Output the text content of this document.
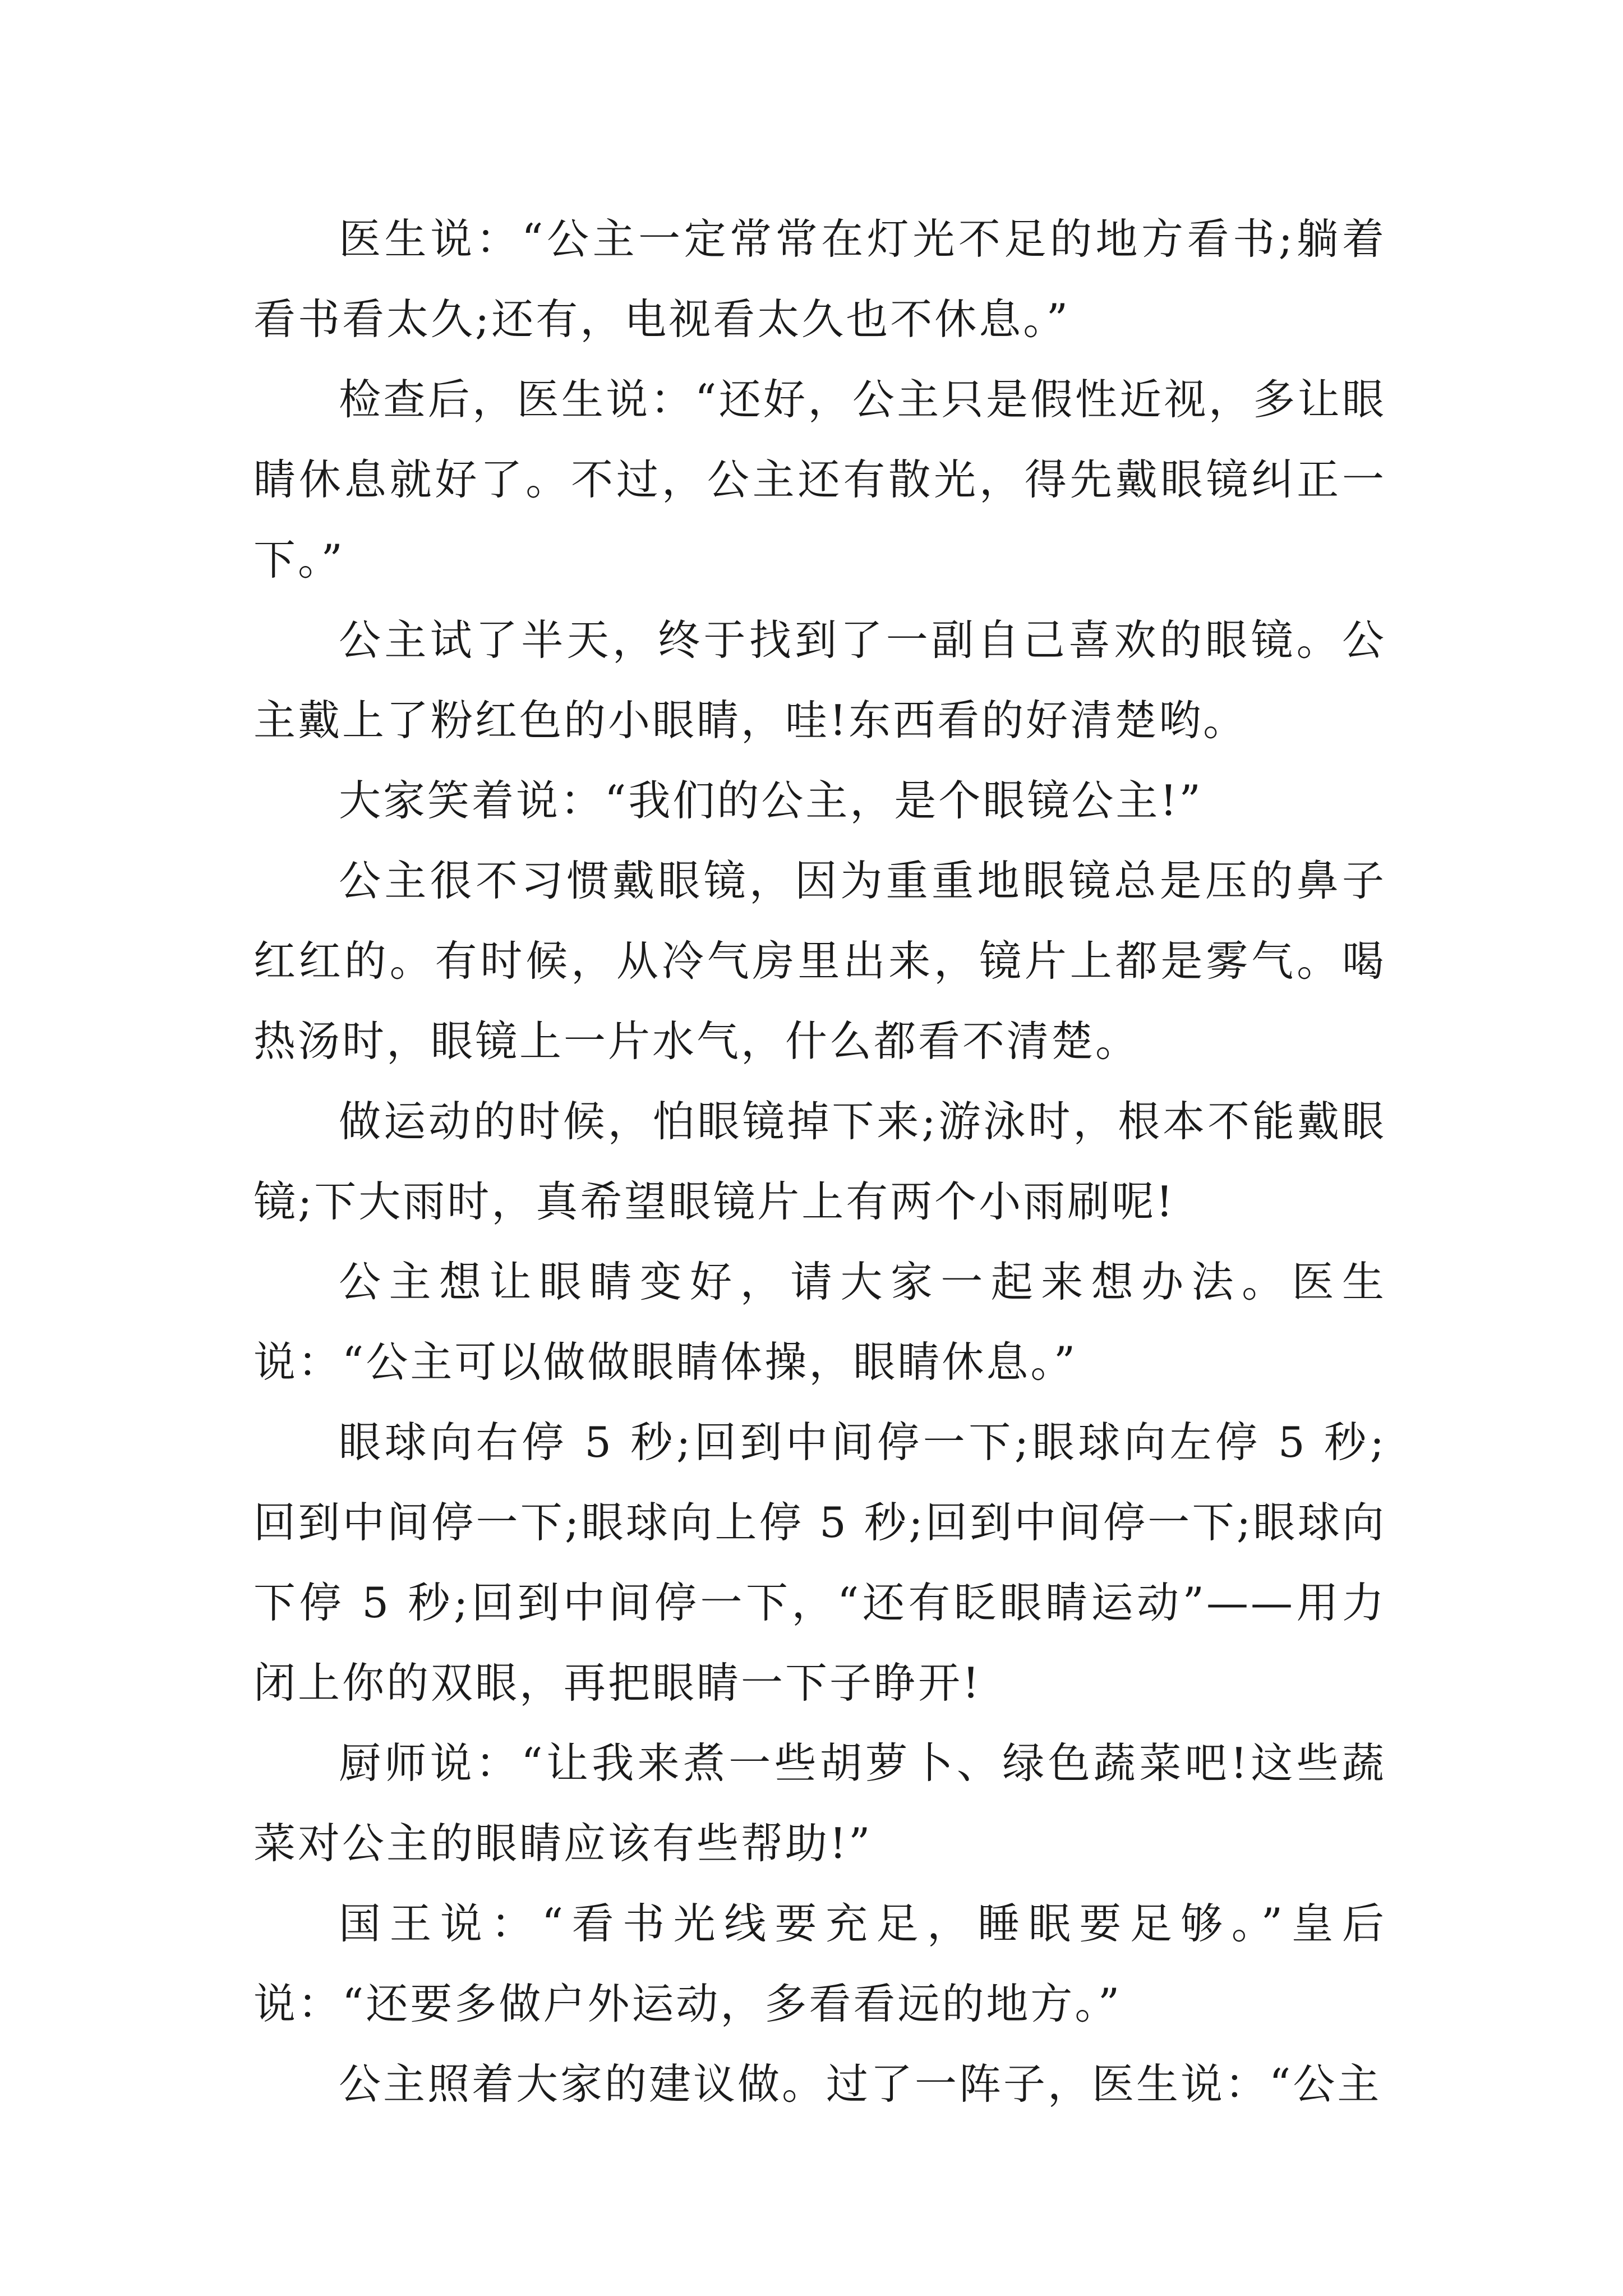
医生说：“公主一定常常在灯光不足的地方看书;躺着看书看太久;还有，电视看太久也不休息。”

检查后，医生说：“还好，公主只是假性近视，多让眼睛休息就好了。不过，公主还有散光，得先戴眼镜纠正一下。”

公主试了半天，终于找到了一副自己喜欢的眼镜。公主戴上了粉红色的小眼睛，哇!东西看的好清楚哟。

大家笑着说：“我们的公主，是个眼镜公主!”

公主很不习惯戴眼镜，因为重重地眼镜总是压的鼻子红红的。有时候，从冷气房里出来，镜片上都是雾气。喝热汤时，眼镜上一片水气，什么都看不清楚。

做运动的时候，怕眼镜掉下来;游泳时，根本不能戴眼镜;下大雨时，真希望眼镜片上有两个小雨刷呢!

公主想让眼睛变好，请大家一起来想办法。医生说：“公主可以做做眼睛体操，眼睛休息。”

眼球向右停 5 秒;回到中间停一下;眼球向左停 5 秒;回到中间停一下;眼球向上停 5 秒;回到中间停一下;眼球向下停 5 秒;回到中间停一下，“还有眨眼睛运动”——用力闭上你的双眼，再把眼睛一下子睁开!

厨师说：“让我来煮一些胡萝卜、绿色蔬菜吧!这些蔬菜对公主的眼睛应该有些帮助!”

国王说：“看书光线要充足，睡眠要足够。”皇后说：“还要多做户外运动，多看看远的地方。”

公主照着大家的建议做。过了一阵子，医生说：“公主
